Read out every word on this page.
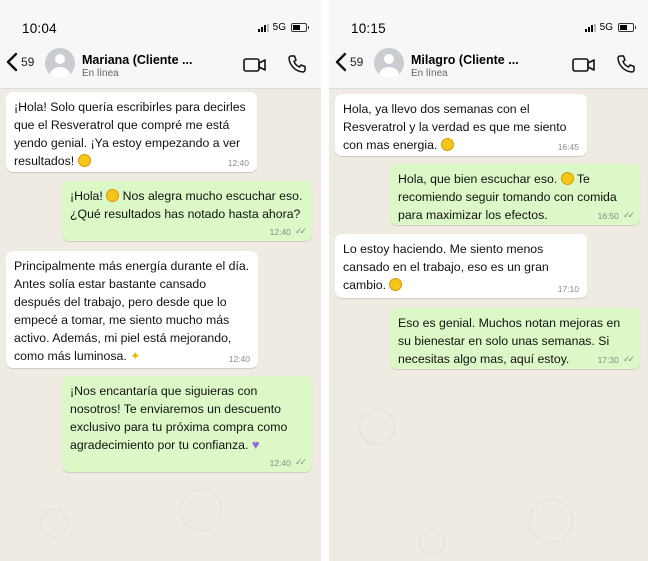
10:04	5G
59	Mariana (Cliente ...
En línea
¡Hola! Solo quería escribirles para decirles que el Resveratrol que compré me está yendo genial. ¡Ya estoy empezando a ver resultados!	12:40
¡Hola! Nos alegra mucho escuchar eso. ¿Qué resultados has notado hasta ahora?
12:40 ✓✓
Principalmente más energía durante el día. Antes solía estar bastante cansado después del trabajo, pero desde que lo empecé a tomar, me siento mucho más activo. Además, mi piel está mejorando, como más luminosa. ✦	12:40
¡Nos encantaría que siguieras con nosotros! Te enviaremos un descuento exclusivo para tu próxima compra como agradecimiento por tu confianza. ♥
12:40 ✓✓
10:15	5G
59	Milagro (Cliente ...
En línea
Hola, ya llevo dos semanas con el Resveratrol y la verdad es que me siento con mas energia.	16:45
Hola, que bien escuchar eso. Te recomiendo seguir tomando con comida para maximizar los efectos.	16:50 ✓✓
Lo estoy haciendo. Me siento menos cansado en el trabajo, eso es un gran cambio.	17:10
Eso es genial. Muchos notan mejoras en su bienestar en solo unas semanas. Si necesitas algo mas, aquí estoy.	17:30 ✓✓
